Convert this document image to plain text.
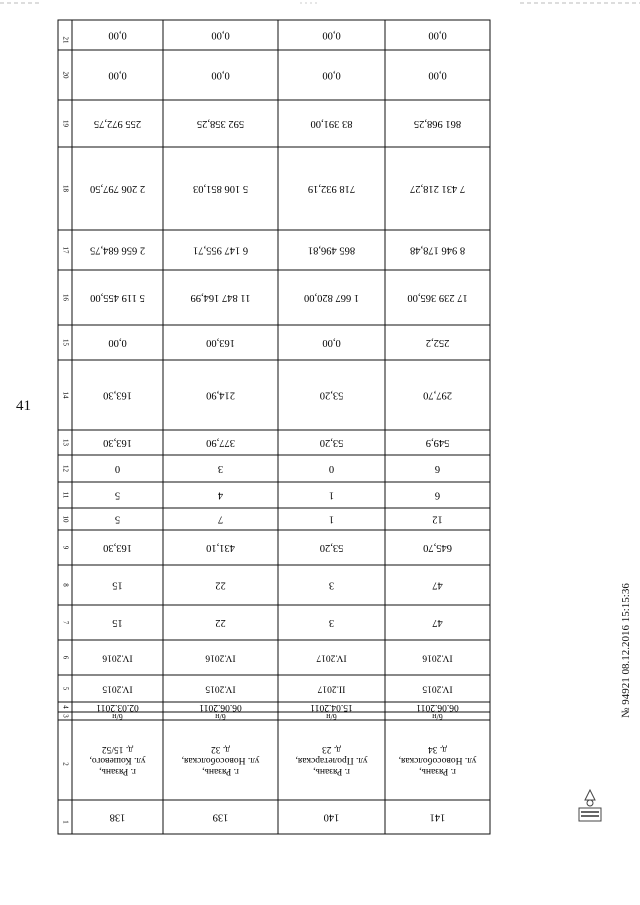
41
1
2
3
4
5
6
7
8
9
10
11
12
13
14
15
16
17
18
19
20
21
138
г. Рязань,
ул. Кошевого,
д. 15/52
б/н
02.03.2011
IV.2015
IV.2016
15
15
163,30
5
5
0
163,30
163,30
0,00
5 119 455,00
2 656 684,75
2 206 797,50
255 972,75
0,00
0,00
139
г. Рязань,
ул. Новособолская,
д. 32
б/н
06.06.2011
IV.2015
IV.2016
22
22
431,10
7
4
3
377,90
214,90
163,00
11 847 164,99
6 147 955,71
5 106 851,03
592 358,25
0,00
0,00
140
г. Рязань,
ул. Пролетарская,
д. 23
б/н
15.04.2011
II.2017
IV.2017
3
3
53,20
1
1
0
53,20
53,20
0,00
1 667 820,00
865 496,81
718 932,19
83 391,00
0,00
0,00
141
г. Рязань,
ул. Новособолская,
д. 34
б/н
06.06.2011
IV.2015
IV.2016
47
47
645,70
12
6
6
549,9
297,70
252,2
17 239 365,00
8 946 178,48
7 431 218,27
861 968,25
0,00
0,00
№ 94921 08.12.2016 15:15:36
